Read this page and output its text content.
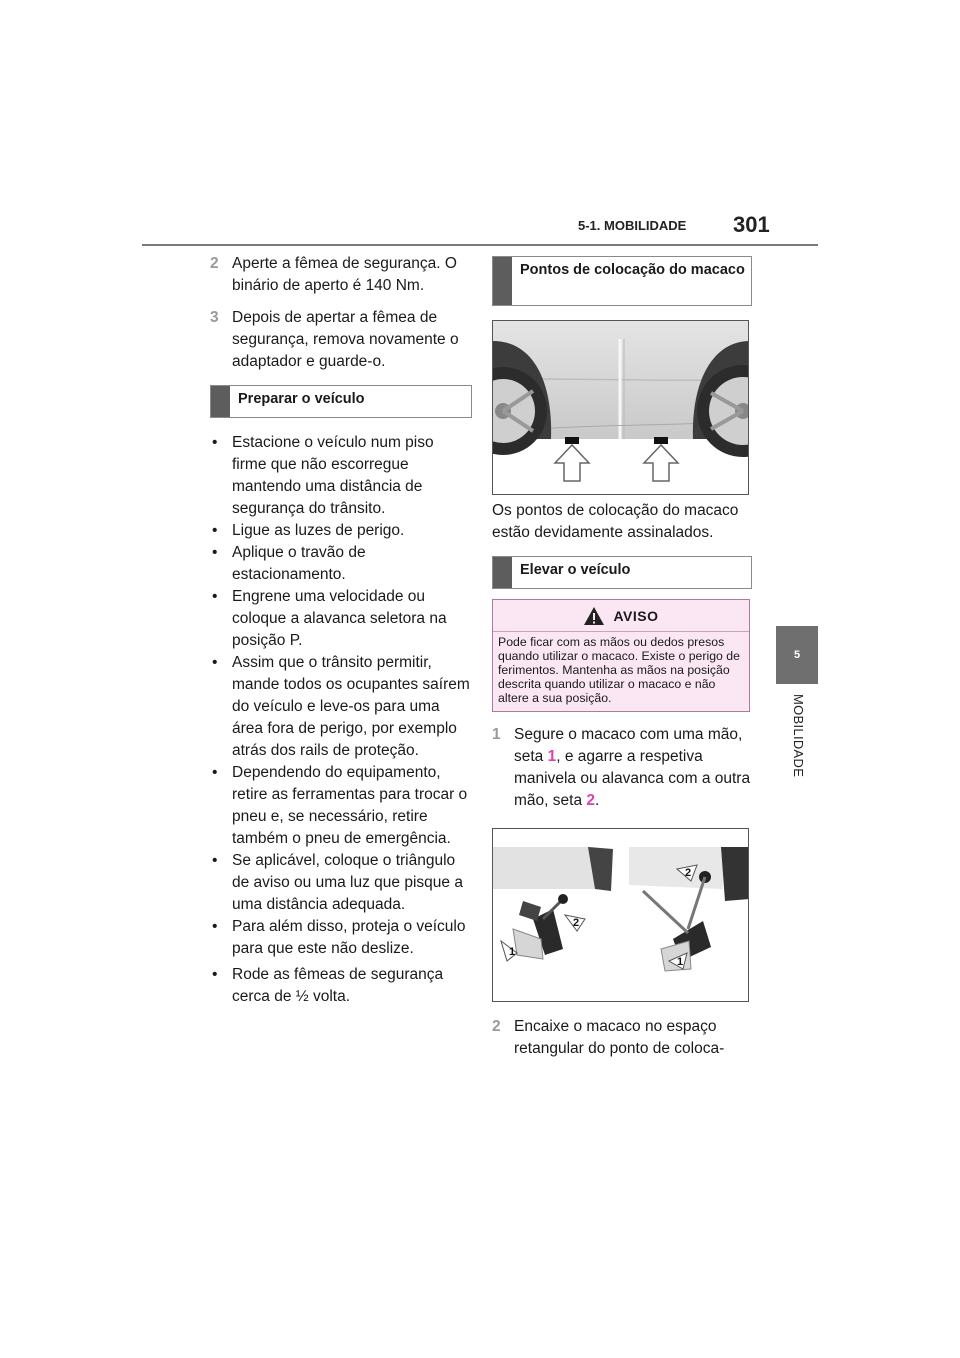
5-1. MOBILIDADE 301
5
MOBILIDADE
2 Aperte a fêmea de segurança. O binário de aperto é 140 Nm.
3 Depois de apertar a fêmea de segurança, remova novamente o adaptador e guarde-o.
Preparar o veículo
• Estacione o veículo num piso firme que não escorregue mantendo uma distância de segurança do trânsito.
• Ligue as luzes de perigo.
• Aplique o travão de estacionamento.
• Engrene uma velocidade ou coloque a alavanca seletora na posição P.
• Assim que o trânsito permitir, mande todos os ocupantes saírem do veículo e leve-os para uma área fora de perigo, por exemplo atrás dos rails de proteção.
• Dependendo do equipamento, retire as ferramentas para trocar o pneu e, se necessário, retire também o pneu de emergência.
• Se aplicável, coloque o triângulo de aviso ou uma luz que pisque a uma distância adequada.
• Para além disso, proteja o veículo para que este não deslize.
• Rode as fêmeas de segurança cerca de ½ volta.
Pontos de colocação do macaco
Os pontos de colocação do macaco estão devidamente assinalados.
Elevar o veículo
AVISO
Pode ficar com as mãos ou dedos presos quando utilizar o macaco. Existe o perigo de ferimentos. Mantenha as mãos na posição descrita quando utilizar o macaco e não altere a sua posição.
1 Segure o macaco com uma mão, seta 1, e agarre a respetiva manivela ou alavanca com a outra mão, seta 2.
1
2
2
1
2 Encaixe o macaco no espaço retangular do ponto de coloca-
